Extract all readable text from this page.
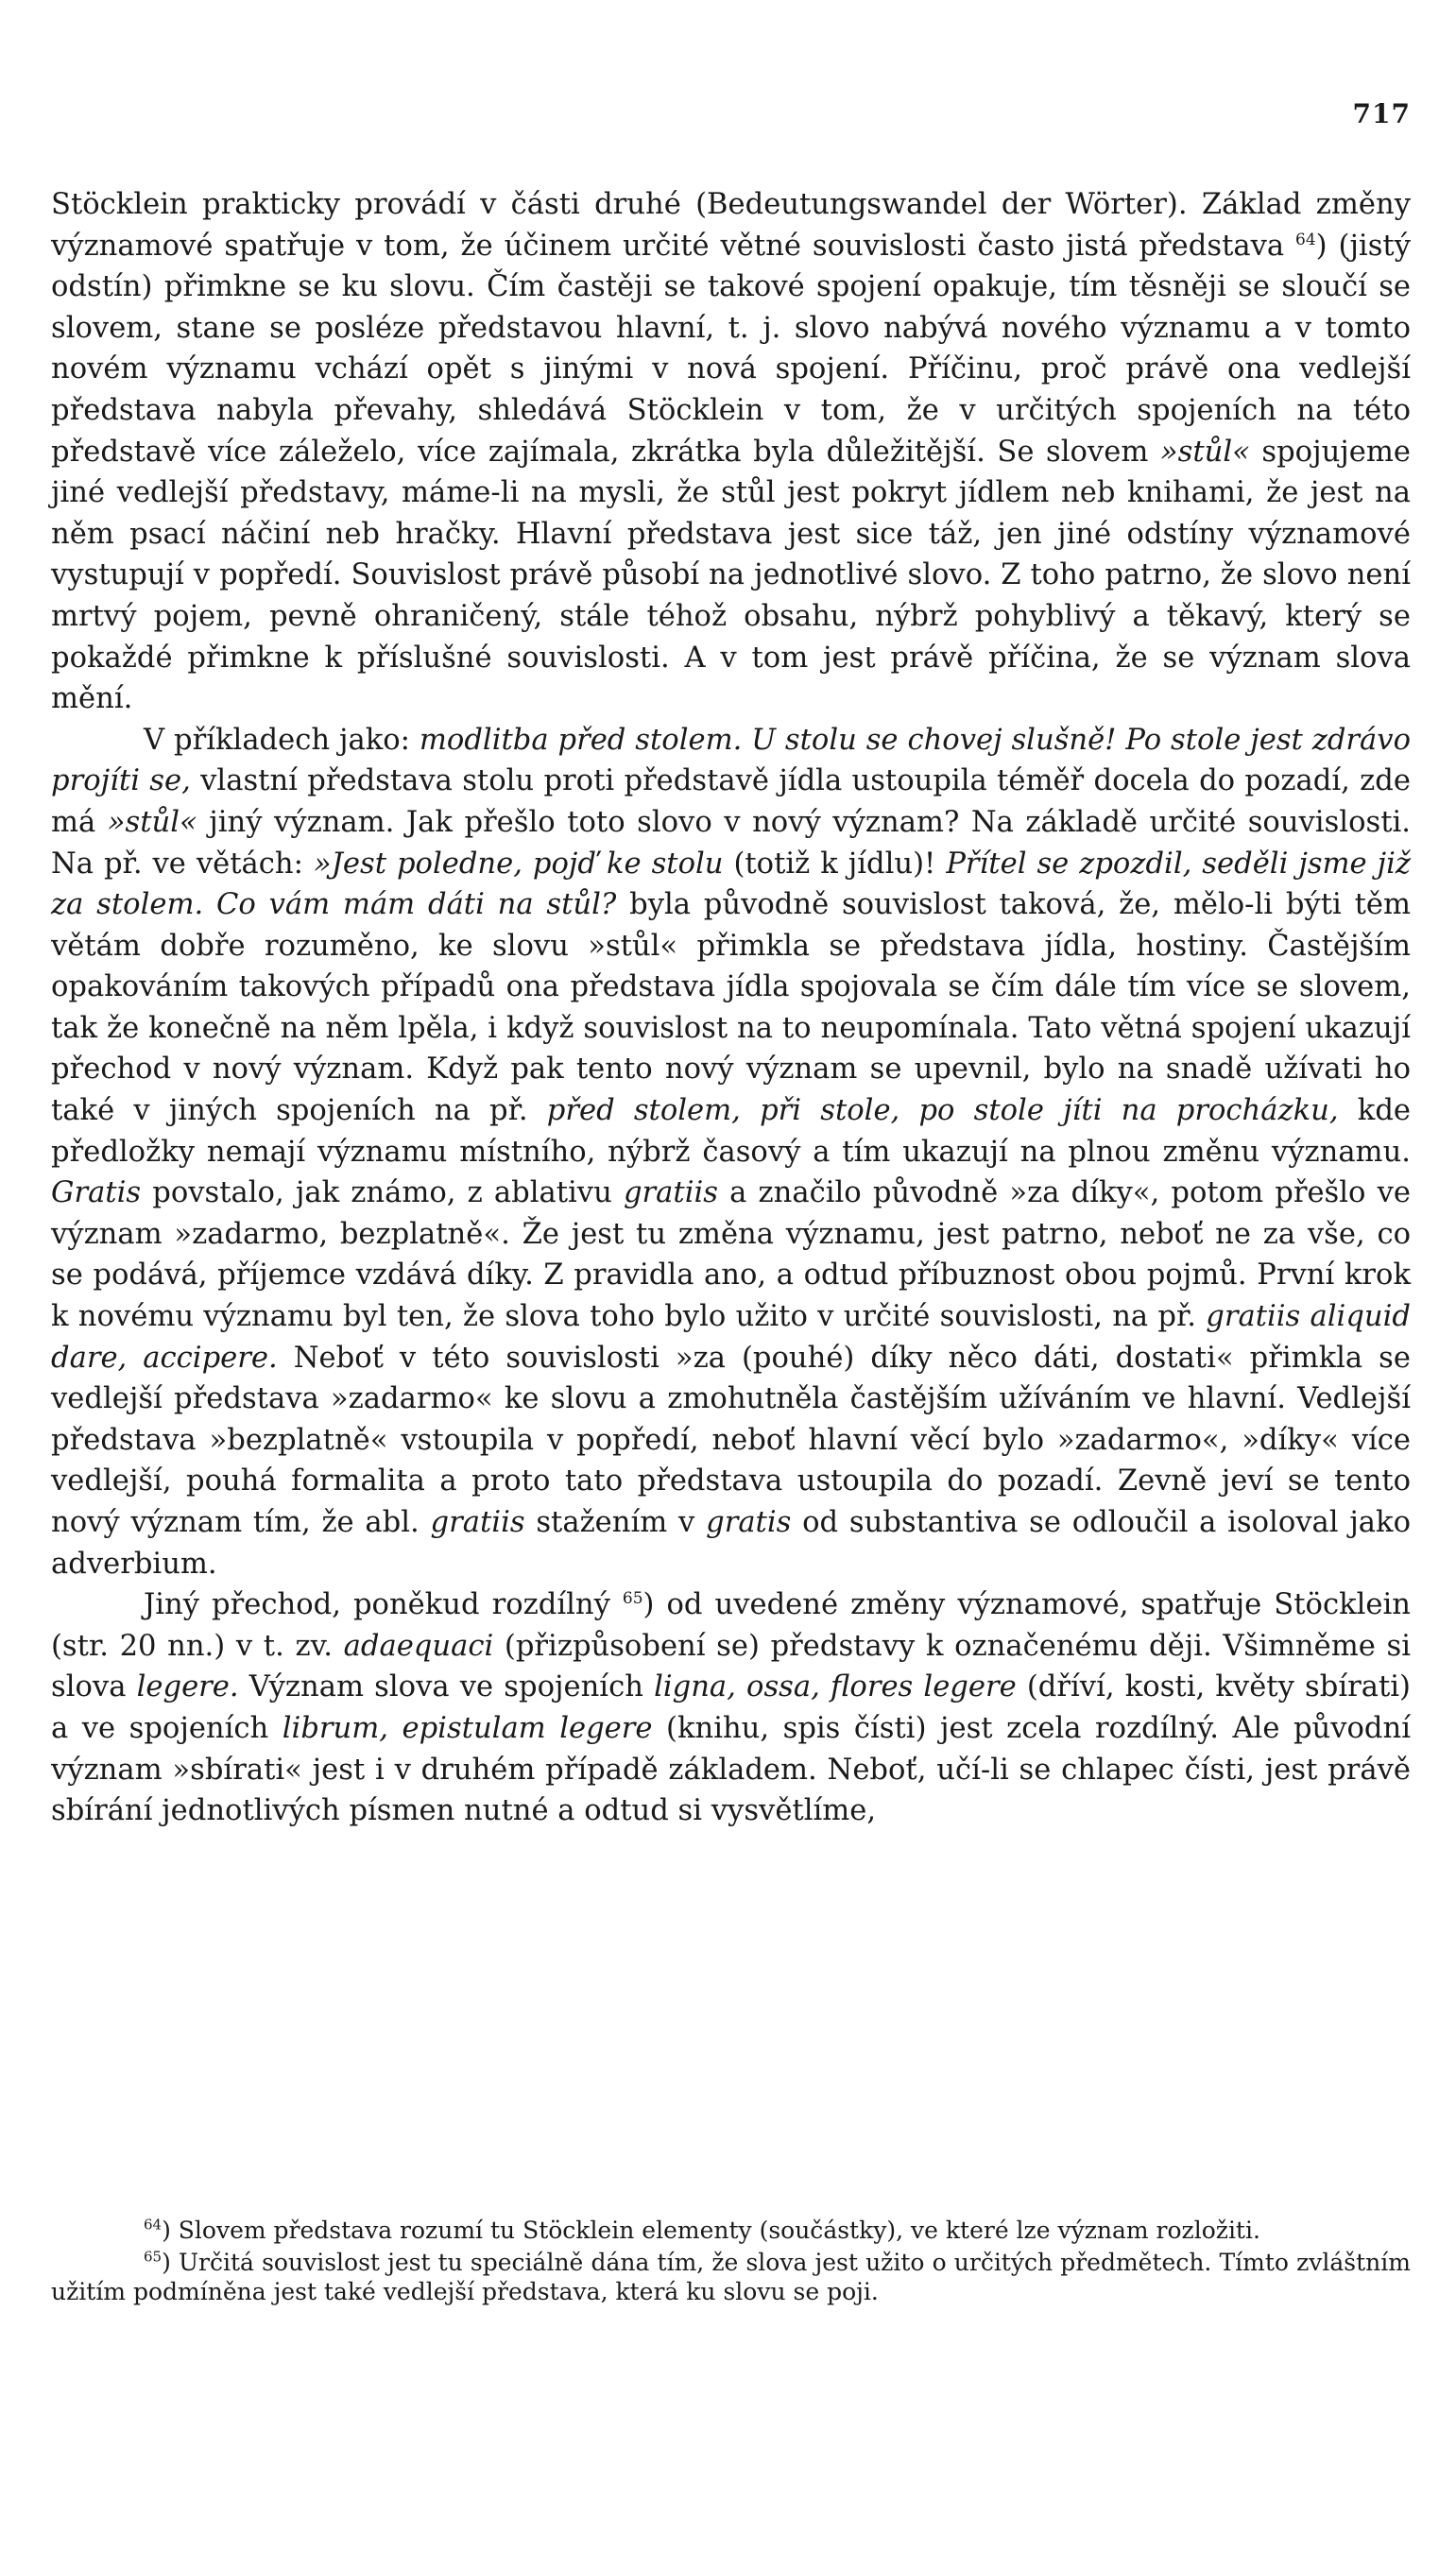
717

Stöcklein prakticky provádí v části druhé (Bedeutungswandel der Wörter). Základ změny významové spatřuje v tom, že účinem určité větné souvislosti často jistá představa $^{64}$) (jistý odstín) přimkne se ku slovu. Čím častěji se takové spojení opakuje, tím těsněji se sloučí se slovem, stane se posléze představou hlavní, t. j. slovo nabývá nového významu a v tomto novém významu vchází opět s jinými v nová spojení. Příčinu, proč právě ona vedlejší představa nabyla převahy, shledává Stöcklein v tom, že v určitých spojeních na této představě více záleželo, více zajímala, zkrátka byla důležitější. Se slovem »stůl« spojujeme jiné vedlejší představy, máme-li na mysli, že stůl jest pokryt jídlem neb knihami, že jest na něm psací náčiní neb hračky. Hlavní představa jest sice táž, jen jiné odstíny významové vystupují v popředí. Souvislost právě působí na jednotlivé slovo. Z toho patrno, že slovo není mrtvý pojem, pevně ohraničený, stále téhož obsahu, nýbrž pohyblivý a těkavý, který se pokaždé přimkne k příslušné souvislosti. A v tom jest právě příčina, že se význam slova mění.

V příkladech jako: modlitba před stolem. U stolu se chovej slušně! Po stole jest zdrávo projíti se, vlastní představa stolu proti představě jídla ustoupila téměř docela do pozadí, zde má »stůl« jiný význam. Jak přešlo toto slovo v nový význam? Na základě určité souvislosti. Na př. ve větách: »Jest poledne, pojď ke stolu (totiž k jídlu)! Přítel se zpozdil, seděli jsme již za stolem. Co vám mám dáti na stůl? byla původně souvislost taková, že, mělo-li býti těm větám dobře rozuměno, ke slovu »stůl« přimkla se představa jídla, hostiny. Častějším opakováním takových případů ona představa jídla spojovala se čím dále tím více se slovem, tak že konečně na něm lpěla, i když souvislost na to neupomínala. Tato větná spojení ukazují přechod v nový význam. Když pak tento nový význam se upevnil, bylo na snadě užívati ho také v jiných spojeních na př. před stolem, při stole, po stole jíti na procházku, kde předložky nemají významu místního, nýbrž časový a tím ukazují na plnou změnu významu. Gratis povstalo, jak známo, z ablativu gratiis a značilo původně »za díky«, potom přešlo ve význam »zadarmo, bezplatně«. Že jest tu změna významu, jest patrno, neboť ne za vše, co se podává, příjemce vzdává díky. Z pravidla ano, a odtud příbuznost obou pojmů. První krok k novému významu byl ten, že slova toho bylo užito v určité souvislosti, na př. gratiis aliquid dare, accipere. Neboť v této souvislosti »za (pouhé) díky něco dáti, dostati« přimkla se vedlejší představa »zadarmo« ke slovu a zmohutněla častějším užíváním ve hlavní. Vedlejší představa »bezplatně« vstoupila v popředí, neboť hlavní věcí bylo »zadarmo«, »díky« více vedlejší, pouhá formalita a proto tato představa ustoupila do pozadí. Zevně jeví se tento nový význam tím, že abl. gratiis stažením v gratis od substantiva se odloučil a isoloval jako adverbium.

Jiný přechod, poněkud rozdílný $^{65}$) od uvedené změny významové, spatřuje Stöcklein (str. 20 nn.) v t. zv. adaequaci (přizpůsobení se) představy k označenému ději. Všimněme si slova legere. Význam slova ve spojeních ligna, ossa, flores legere (dříví, kosti, květy sbírati) a ve spojeních librum, epistulam legere (knihu, spis čísti) jest zcela rozdílný. Ale původní význam »sbírati« jest i v druhém případě základem. Neboť, učí-li se chlapec čísti, jest právě sbírání jednotlivých písmen nutné a odtud si vysvětlíme,

$^{64}$) Slovem představa rozumí tu Stöcklein elementy (součástky), ve které lze význam rozložiti.

$^{65}$) Určitá souvislost jest tu speciálně dána tím, že slova jest užito o určitých předmětech. Tímto zvláštním užitím podmíněna jest také vedlejší představa, která ku slovu se poji.
